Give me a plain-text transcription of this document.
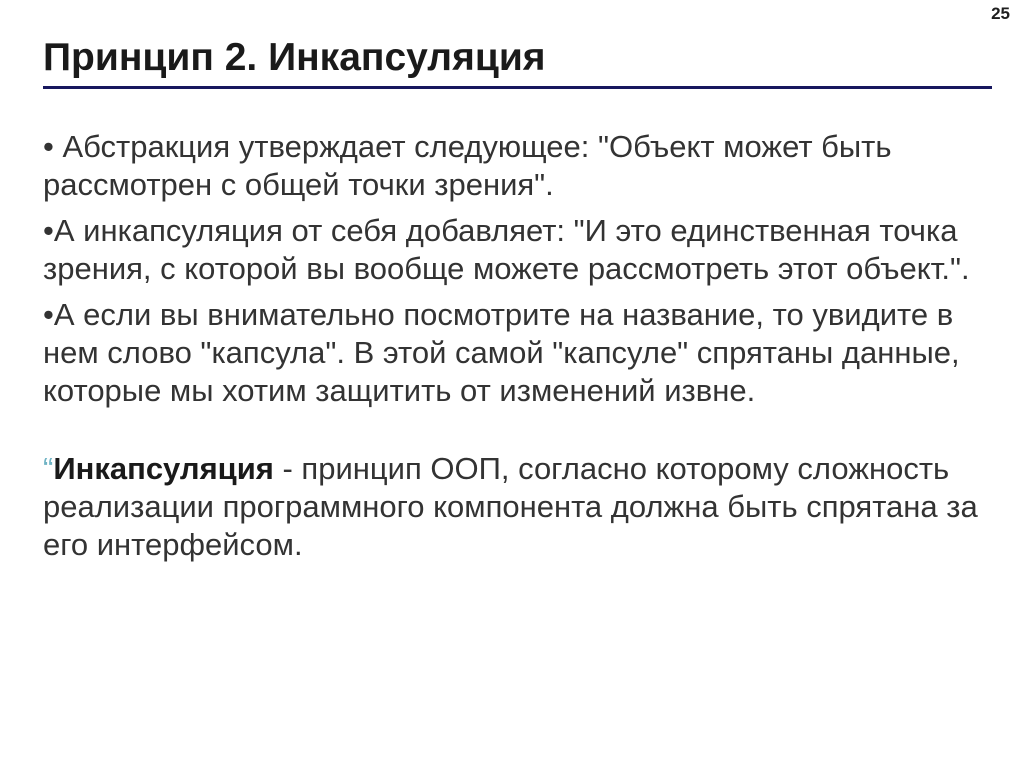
25
Принцип 2. Инкапсуляция

• Абстракция утверждает следующее: "Объект может быть рассмотрен с общей точки зрения".

•А инкапсуляция от себя добавляет: "И это единственная точка зрения, с которой вы вообще можете рассмотреть этот объект.".

•А если вы внимательно посмотрите на название, то увидите в нем слово "капсула". В этой самой "капсуле" спрятаны данные, которые мы хотим защитить от изменений извне.

“Инкапсуляция - принцип ООП, согласно которому сложность реализации программного компонента должна быть спрятана за его интерфейсом.
